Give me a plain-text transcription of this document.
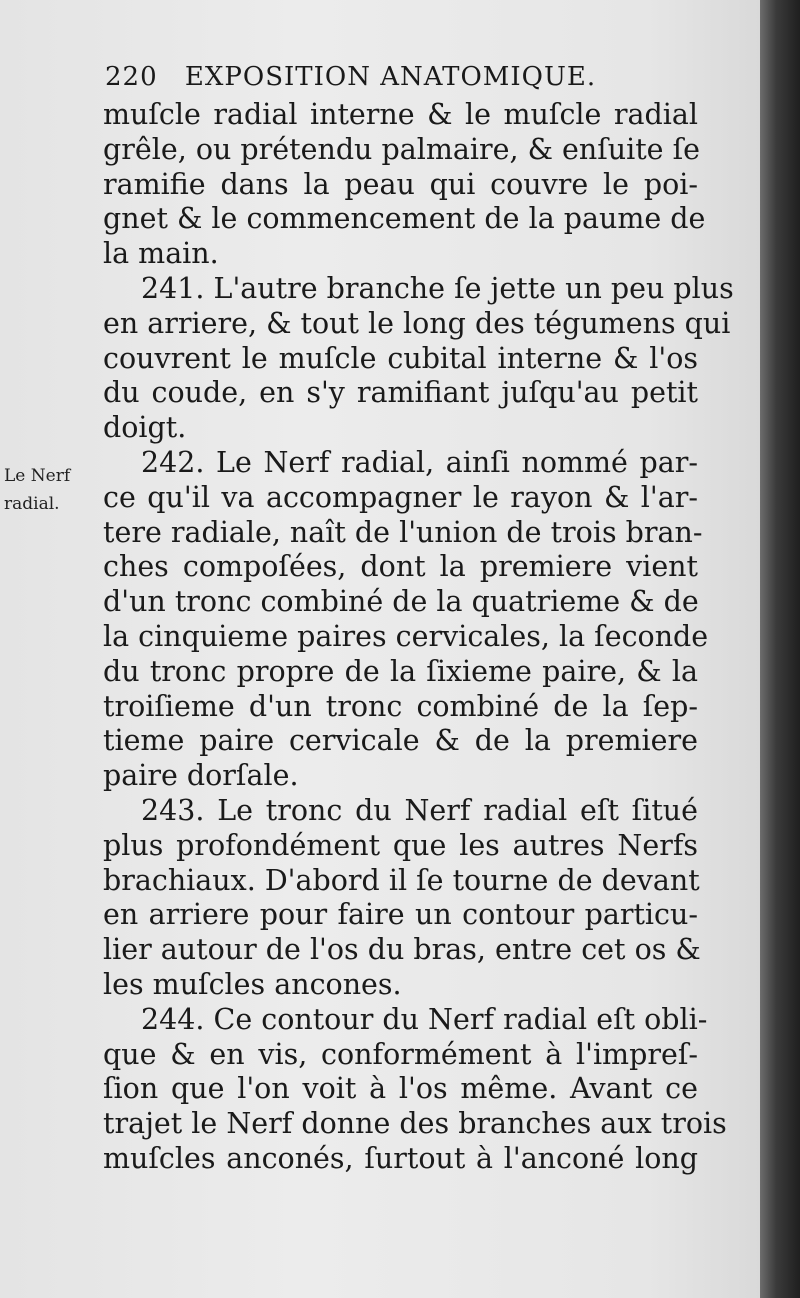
220 EXPOSITION ANATOMIQUE.
Le Nerf
radial.
muſcle radial interne & le muſcle radial
grêle, ou prétendu palmaire, & enſuite ſe
ramifie dans la peau qui couvre le poi-
gnet & le commencement de la paume de
la main.
241. L'autre branche ſe jette un peu plus
en arriere, & tout le long des tégumens qui
couvrent le muſcle cubital interne & l'os
du coude, en s'y ramifiant juſqu'au petit
doigt.
242. Le Nerf radial, ainſi nommé par-
ce qu'il va accompagner le rayon & l'ar-
tere radiale, naît de l'union de trois bran-
ches compoſées, dont la premiere vient
d'un tronc combiné de la quatrieme & de
la cinquieme paires cervicales, la ſeconde
du tronc propre de la ſixieme paire, & la
troiſieme d'un tronc combiné de la ſep-
tieme paire cervicale & de la premiere
paire dorſale.
243. Le tronc du Nerf radial eſt ſitué
plus profondément que les autres Nerfs
brachiaux. D'abord il ſe tourne de devant
en arriere pour faire un contour particu-
lier autour de l'os du bras, entre cet os &
les muſcles ancones.
244. Ce contour du Nerf radial eſt obli-
que & en vis, conformément à l'impreſ-
ſion que l'on voit à l'os même. Avant ce
trajet le Nerf donne des branches aux trois
muſcles anconés, ſurtout à l'anconé long
